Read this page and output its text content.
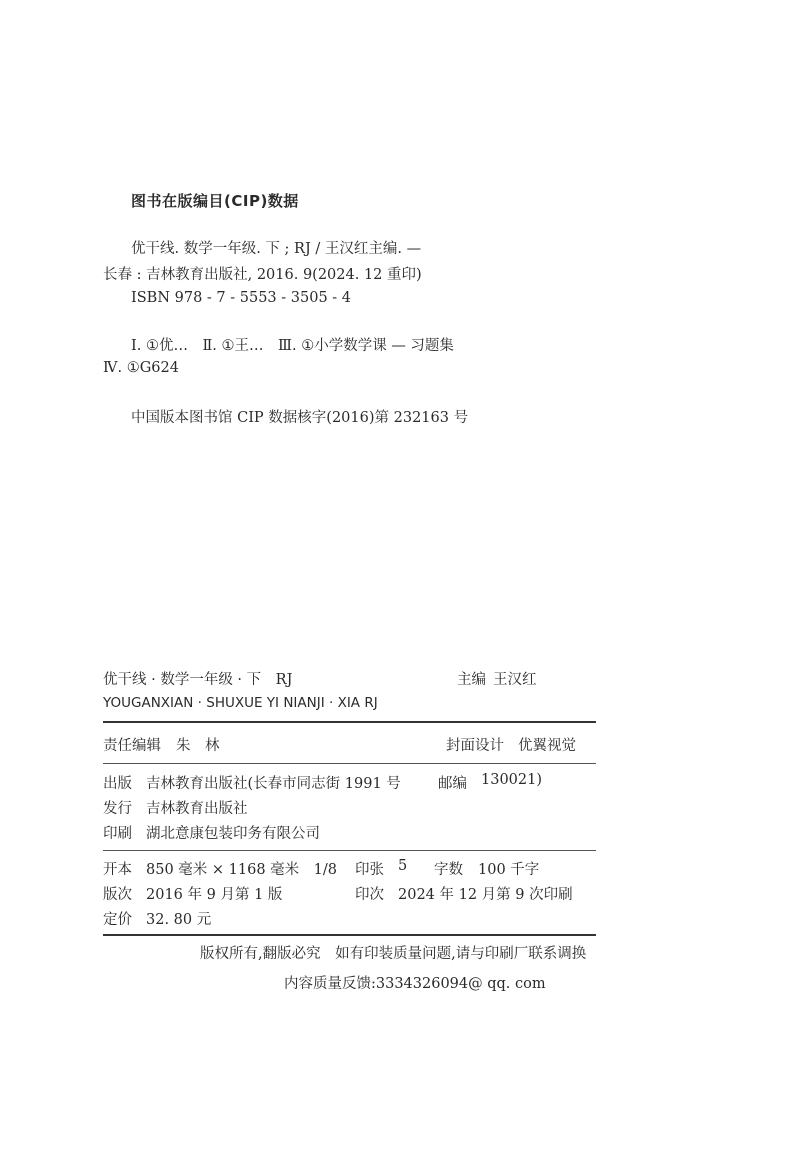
图书在版编目(CIP)数据
优干线. 数学一年级. 下 ; RJ / 王汉红主编. —
长春 : 吉林教育出版社, 2016. 9(2024. 12 重印)
ISBN 978 - 7 - 5553 - 3505 - 4
Ⅰ. ①优…　Ⅱ. ①王…　Ⅲ. ①小学数学课 — 习题集
Ⅳ. ①G624
中国版本图书馆 CIP 数据核字(2016)第 232163 号
优干线 · 数学一年级 · 下　RJ	主编 王汉红
YOUGANXIAN · SHUXUE YI NIANJI · XIA RJ
责任编辑 朱　林	封面设计 优翼视觉
出版 吉林教育出版社(长春市同志街 1991 号	邮编 130021)
发行 吉林教育出版社
印刷 湖北意康包装印务有限公司
开本 850 毫米 × 1168 毫米　1/8 印张 5 字数 100 千字
版次 2016 年 9 月第 1 版	印次 2024 年 12 月第 9 次印刷
定价 32. 80 元
版权所有,翻版必究　如有印装质量问题,请与印刷厂联系调换
内容质量反馈:3334326094@ qq. com
